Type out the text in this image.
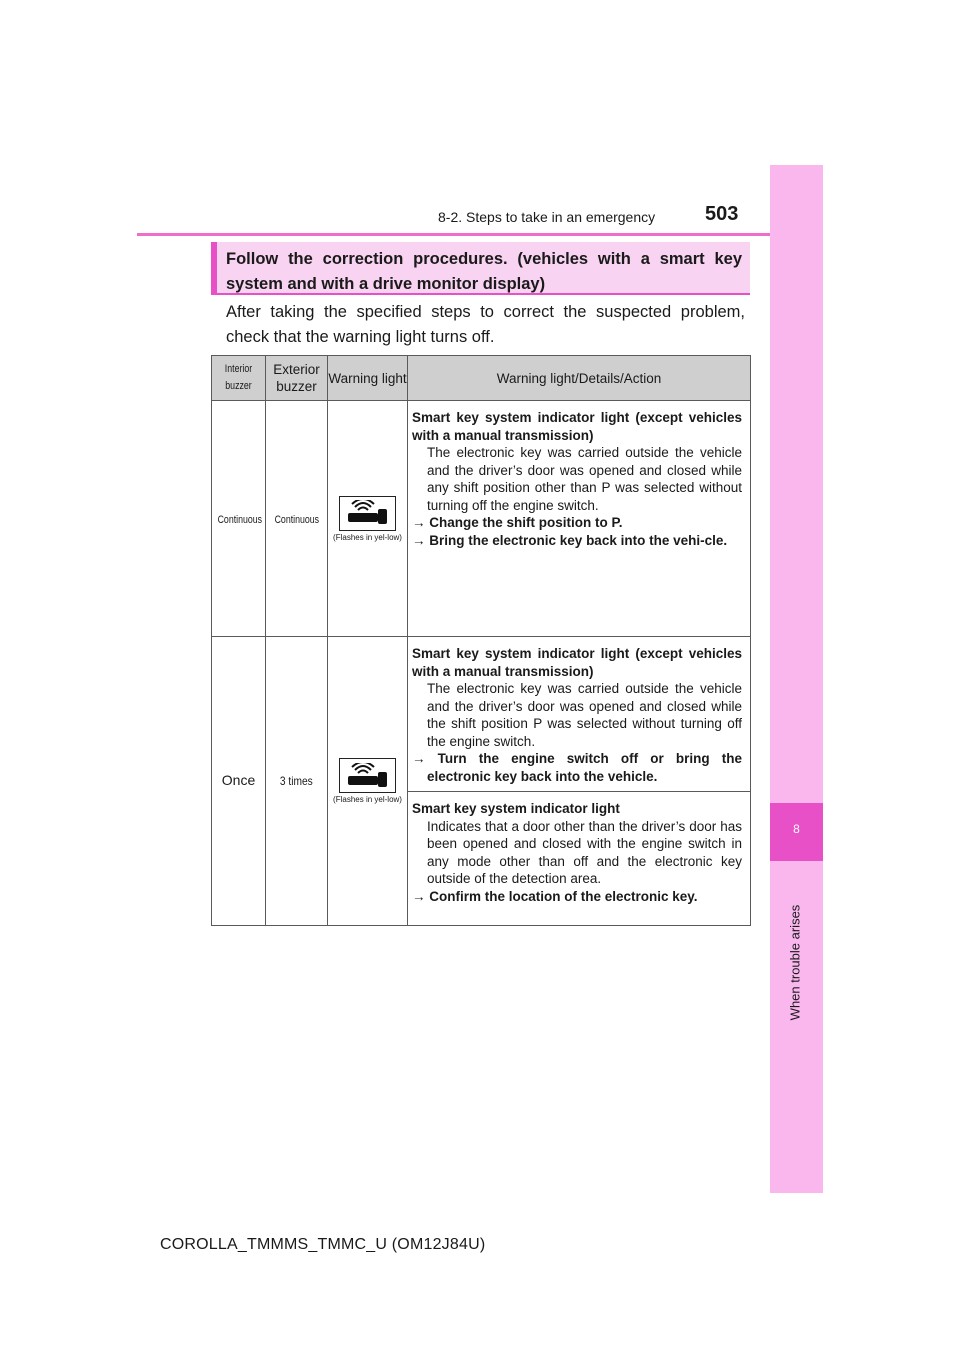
8-2. Steps to take in an emergency 503
8
When trouble arises
Follow the correction procedures. (vehicles with a smart key system and with a drive monitor display)
After taking the specified steps to correct the suspected problem, check that the warning light turns off.
Interior buzzer	Exterior buzzer	Warning light	Warning light/Details/Action
Continuous	Continuous	(Flashes in yel-low)	Smart key system indicator light (except vehicles with a manual transmission)
The electronic key was carried outside the vehicle and the driver’s door was opened and closed while any shift position other than P was selected without turning off the engine switch.
→ Change the shift position to P.
→ Bring the electronic key back into the vehi-cle.

Once	3 times	(Flashes in yel-low)	Smart key system indicator light (except vehicles with a manual transmission)
The electronic key was carried outside the vehicle and the driver’s door was opened and closed while the shift position P was selected without turning off the engine switch.
→ Turn the engine switch off or bring the electronic key back into the vehicle.

			Smart key system indicator light
Indicates that a door other than the driver’s door has been opened and closed with the engine switch in any mode other than off and the electronic key outside of the detection area.
→ Confirm the location of the electronic key.
COROLLA_TMMMS_TMMC_U (OM12J84U)
